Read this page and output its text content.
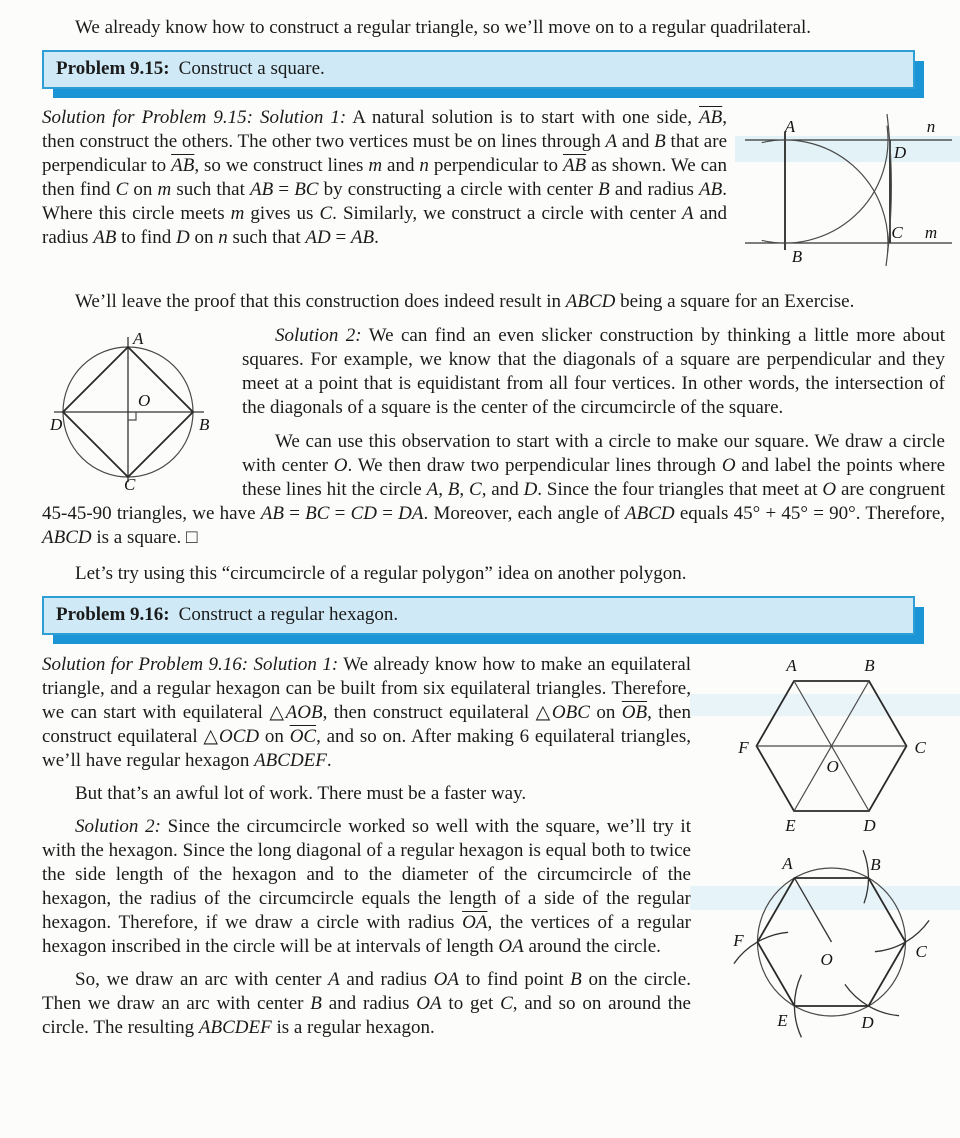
We already know how to construct a regular triangle, so we’ll move on to a regular quadrilateral.

Problem 9.15: Construct a square.
A
B
D
C
n
m

Solution for Problem 9.15: Solution 1: A natural solution is to start with one side, $\overline{AB}$, then construct the others. The other two vertices must be on lines through A and B that are perpendicular to $\overline{AB}$, so we construct lines m and n perpendicular to $\overline{AB}$ as shown. We can then find C on m such that AB = BC by constructing a circle with center B and radius AB. Where this circle meets m gives us C. Similarly, we construct a circle with center A and radius AB to find D on n such that AD = AB.

We’ll leave the proof that this construction does indeed result in ABCD being a square for an Exercise.

A
O
D	B
C

Solution 2: We can find an even slicker construction by thinking a little more about squares. For example, we know that the diagonals of a square are perpendicular and they meet at a point that is equidistant from all four vertices. In other words, the intersection of the diagonals of a square is the center of the circumcircle of the square.

We can use this observation to start with a circle to make our square. We draw a circle with center O. We then draw two perpendicular lines through O and label the points where these lines hit the circle A, B, C, and D. Since the four triangles that meet at O are congruent 45-45-90 triangles, we have AB = BC = CD = DA. Moreover, each angle of ABCD equals 45° + 45° = 90°. Therefore, ABCD is a square. □

Let’s try using this “circumcircle of a regular polygon” idea on another polygon.

Problem 9.16: Construct a regular hexagon.
A	B
C
D
E
F
O

Solution for Problem 9.16: Solution 1: We already know how to make an equilateral triangle, and a regular hexagon can be built from six equilateral triangles. Therefore, we can start with equilateral △AOB, then construct equilateral △OBC on $\overline{OB}$, then construct equilateral △OCD on $\overline{OC}$, and so on. After making 6 equilateral triangles, we’ll have regular hexagon ABCDEF.

But that’s an awful lot of work. There must be a faster way.

A	B
C
D
E
F
O

Solution 2: Since the circumcircle worked so well with the square, we’ll try it with the hexagon. Since the long diagonal of a regular hexagon is equal both to twice the side length of the hexagon and to the diameter of the circumcircle of the hexagon, the radius of the circumcircle equals the length of a side of the regular hexagon. Therefore, if we draw a circle with radius $\overline{OA}$, the vertices of a regular hexagon inscribed in the circle will be at intervals of length OA around the circle.

So, we draw an arc with center A and radius OA to find point B on the circle. Then we draw an arc with center B and radius OA to get C, and so on around the circle. The resulting ABCDEF is a regular hexagon.
